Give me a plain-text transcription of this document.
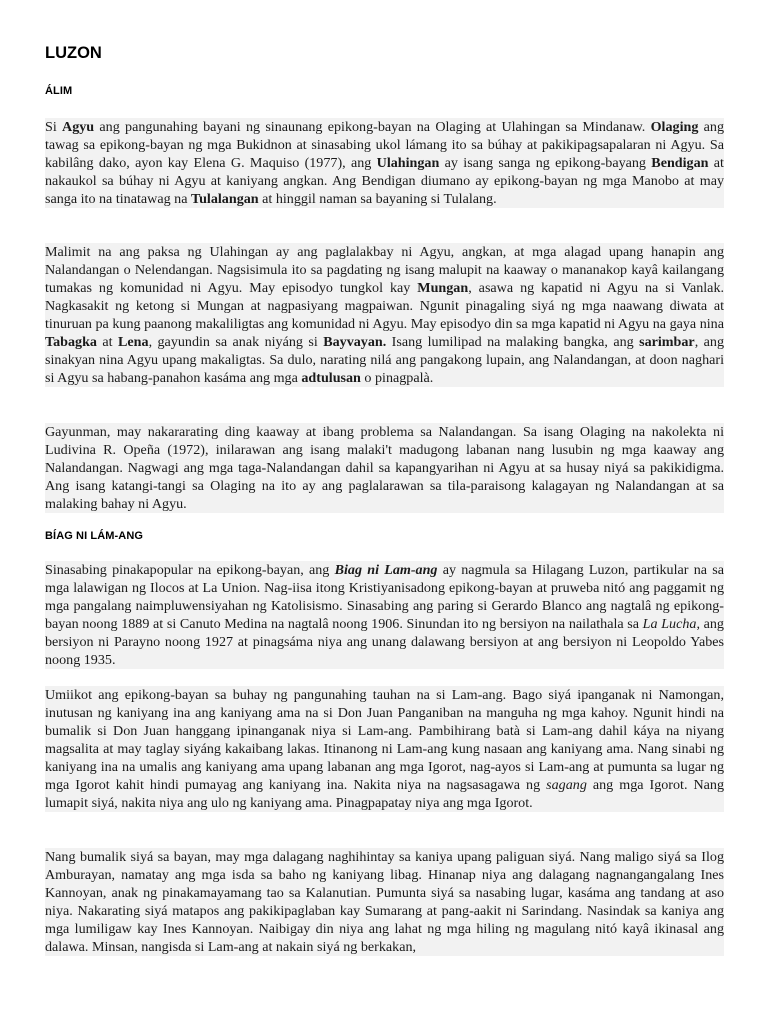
LUZON
ÁLIM
Si Agyu ang pangunahing bayani ng sinaunang epikong-bayan na Olaging at Ulahingan sa Mindanaw. Olaging ang tawag sa epikong-bayan ng mga Bukidnon at sinasabing ukol lámang ito sa búhay at pakikipagsapalaran ni Agyu. Sa kabilâng dako, ayon kay Elena G. Maquiso (1977), ang Ulahingan ay isang sanga ng epikong-bayang Bendigan at nakaukol sa búhay ni Agyu at kaniyang angkan. Ang Bendigan diumano ay epikong-bayan ng mga Manobo at may sanga ito na tinatawag na Tulalangan at hinggil naman sa bayaning si Tulalang.
Malimit na ang paksa ng Ulahingan ay ang paglalakbay ni Agyu, angkan, at mga alagad upang hanapin ang Nalandangan o Nelendangan. Nagsisimula ito sa pagdating ng isang malupit na kaaway o mananakop kayâ kailangang tumakas ng komunidad ni Agyu. May episodyo tungkol kay Mungan, asawa ng kapatid ni Agyu na si Vanlak. Nagkasakit ng ketong si Mungan at nagpasiyang magpaiwan. Ngunit pinagaling siyá ng mga naawang diwata at tinuruan pa kung paanong makaliligtas ang komunidad ni Agyu. May episodyo din sa mga kapatid ni Agyu na gaya nina Tabagka at Lena, gayundin sa anak niyáng si Bayvayan. Isang lumilipad na malaking bangka, ang sarimbar, ang sinakyan nina Agyu upang makaligtas. Sa dulo, narating nilá ang pangakong lupain, ang Nalandangan, at doon naghari si Agyu sa habang-panahon kasáma ang mga adtulusan o pinagpalà.
Gayunman, may nakararating ding kaaway at ibang problema sa Nalandangan. Sa isang Olaging na nakolekta ni Ludivina R. Opeña (1972), inilarawan ang isang malaki't madugong labanan nang lusubin ng mga kaaway ang Nalandangan. Nagwagi ang mga taga-Nalandangan dahil sa kapangyarihan ni Agyu at sa husay niyá sa pakikidigma. Ang isang katangi-tangi sa Olaging na ito ay ang paglalarawan sa tila-paraisong kalagayan ng Nalandangan at sa malaking bahay ni Agyu.
BÍAG NI LÁM-ANG
Sinasabing pinakapopular na epikong-bayan, ang Biag ni Lam-ang ay nagmula sa Hilagang Luzon, partikular na sa mga lalawigan ng Ilocos at La Union. Nag-iisa itong Kristiyanisadong epikong-bayan at pruweba nitó ang paggamit ng mga pangalang naimpluwensiyahan ng Katolisismo. Sinasabing ang paring si Gerardo Blanco ang nagtalâ ng epikong-bayan noong 1889 at si Canuto Medina na nagtalâ noong 1906. Sinundan ito ng bersiyon na nailathala sa La Lucha, ang bersiyon ni Parayno noong 1927 at pinagsáma niya ang unang dalawang bersiyon at ang bersiyon ni Leopoldo Yabes noong 1935.
Umiikot ang epikong-bayan sa buhay ng pangunahing tauhan na si Lam-ang. Bago siyá ipanganak ni Namongan, inutusan ng kaniyang ina ang kaniyang ama na si Don Juan Panganiban na manguha ng mga kahoy. Ngunit hindi na bumalik si Don Juan hanggang ipinanganak niya si Lam-ang. Pambihirang batà si Lam-ang dahil káya na niyang magsalita at may taglay siyáng kakaibang lakas. Itinanong ni Lam-ang kung nasaan ang kaniyang ama. Nang sinabi ng kaniyang ina na umalis ang kaniyang ama upang labanan ang mga Igorot, nag-ayos si Lam-ang at pumunta sa lugar ng mga Igorot kahit hindi pumayag ang kaniyang ina. Nakita niya na nagsasagawa ng sagang ang mga Igorot. Nang lumapit siyá, nakita niya ang ulo ng kaniyang ama. Pinagpapatay niya ang mga Igorot.
Nang bumalik siyá sa bayan, may mga dalagang naghihintay sa kaniya upang paliguan siyá. Nang maligo siyá sa Ilog Amburayan, namatay ang mga isda sa baho ng kaniyang libag. Hinanap niya ang dalagang nagnangangalang Ines Kannoyan, anak ng pinakamayamang tao sa Kalanutian. Pumunta siyá sa nasabing lugar, kasáma ang tandang at aso niya. Nakarating siyá matapos ang pakikipaglaban kay Sumarang at pang-aakit ni Sarindang. Nasindak sa kaniya ang mga lumiligaw kay Ines Kannoyan. Naibigay din niya ang lahat ng mga hiling ng magulang nitó kayâ ikinasal ang dalawa. Minsan, nangisda si Lam-ang at nakain siyá ng berkakan,
